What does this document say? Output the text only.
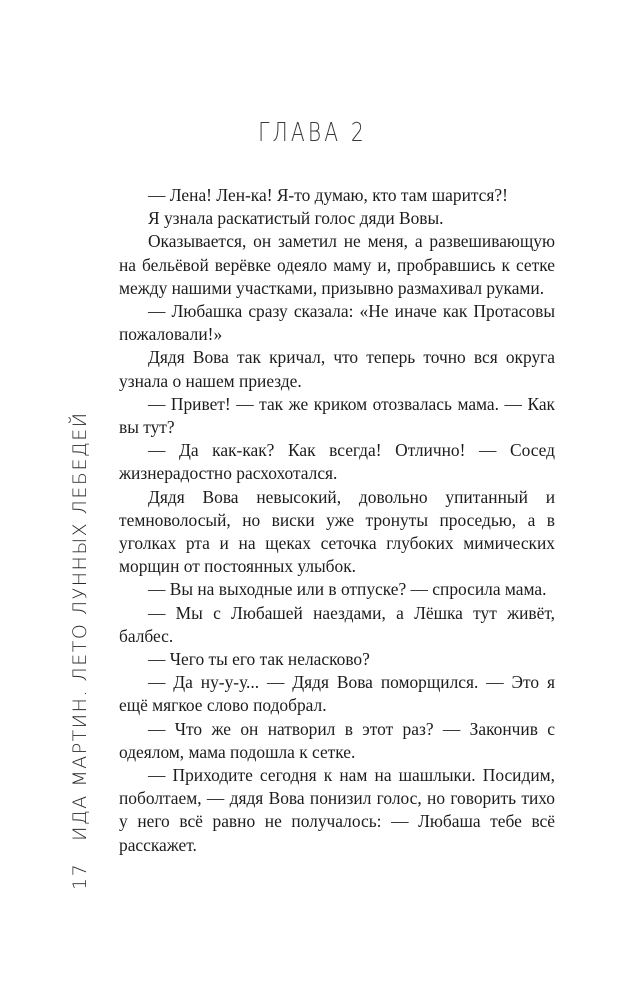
ГЛАВА 2

— Лена! Лен-ка! Я-то думаю, кто там шарится?!

Я узнала раскатистый голос дяди Вовы.

Оказывается, он заметил не меня, а развешивающую на бельёвой верёвке одеяло маму и, пробравшись к сетке между нашими участками, призывно размахивал руками.

— Любашка сразу сказала: «Не иначе как Протасовы пожаловали!»

Дядя Вова так кричал, что теперь точно вся округа узнала о нашем приезде.

— Привет! — так же криком отозвалась мама. — Как вы тут?

— Да как-как? Как всегда! Отлично! — Сосед жизнерадостно расхохотался.

Дядя Вова невысокий, довольно упитанный и темноволосый, но виски уже тронуты проседью, а в уголках рта и на щеках сеточка глубоких мимических морщин от постоянных улыбок.

— Вы на выходные или в отпуске? — спросила мама.

— Мы с Любашей наездами, а Лёшка тут живёт, балбес.

— Чего ты его так неласково?

— Да ну-у-у... — Дядя Вова поморщился. — Это я ещё мягкое слово подобрал.

— Что же он натворил в этот раз? — Закончив с одеялом, мама подошла к сетке.

— Приходите сегодня к нам на шашлыки. Посидим, поболтаем, — дядя Вова понизил голос, но говорить тихо у него всё равно не получалось: — Любаша тебе всё расскажет.

17ИДА МАРТИН. ЛЕТО ЛУННЫХ ЛЕБЕДЕЙ
